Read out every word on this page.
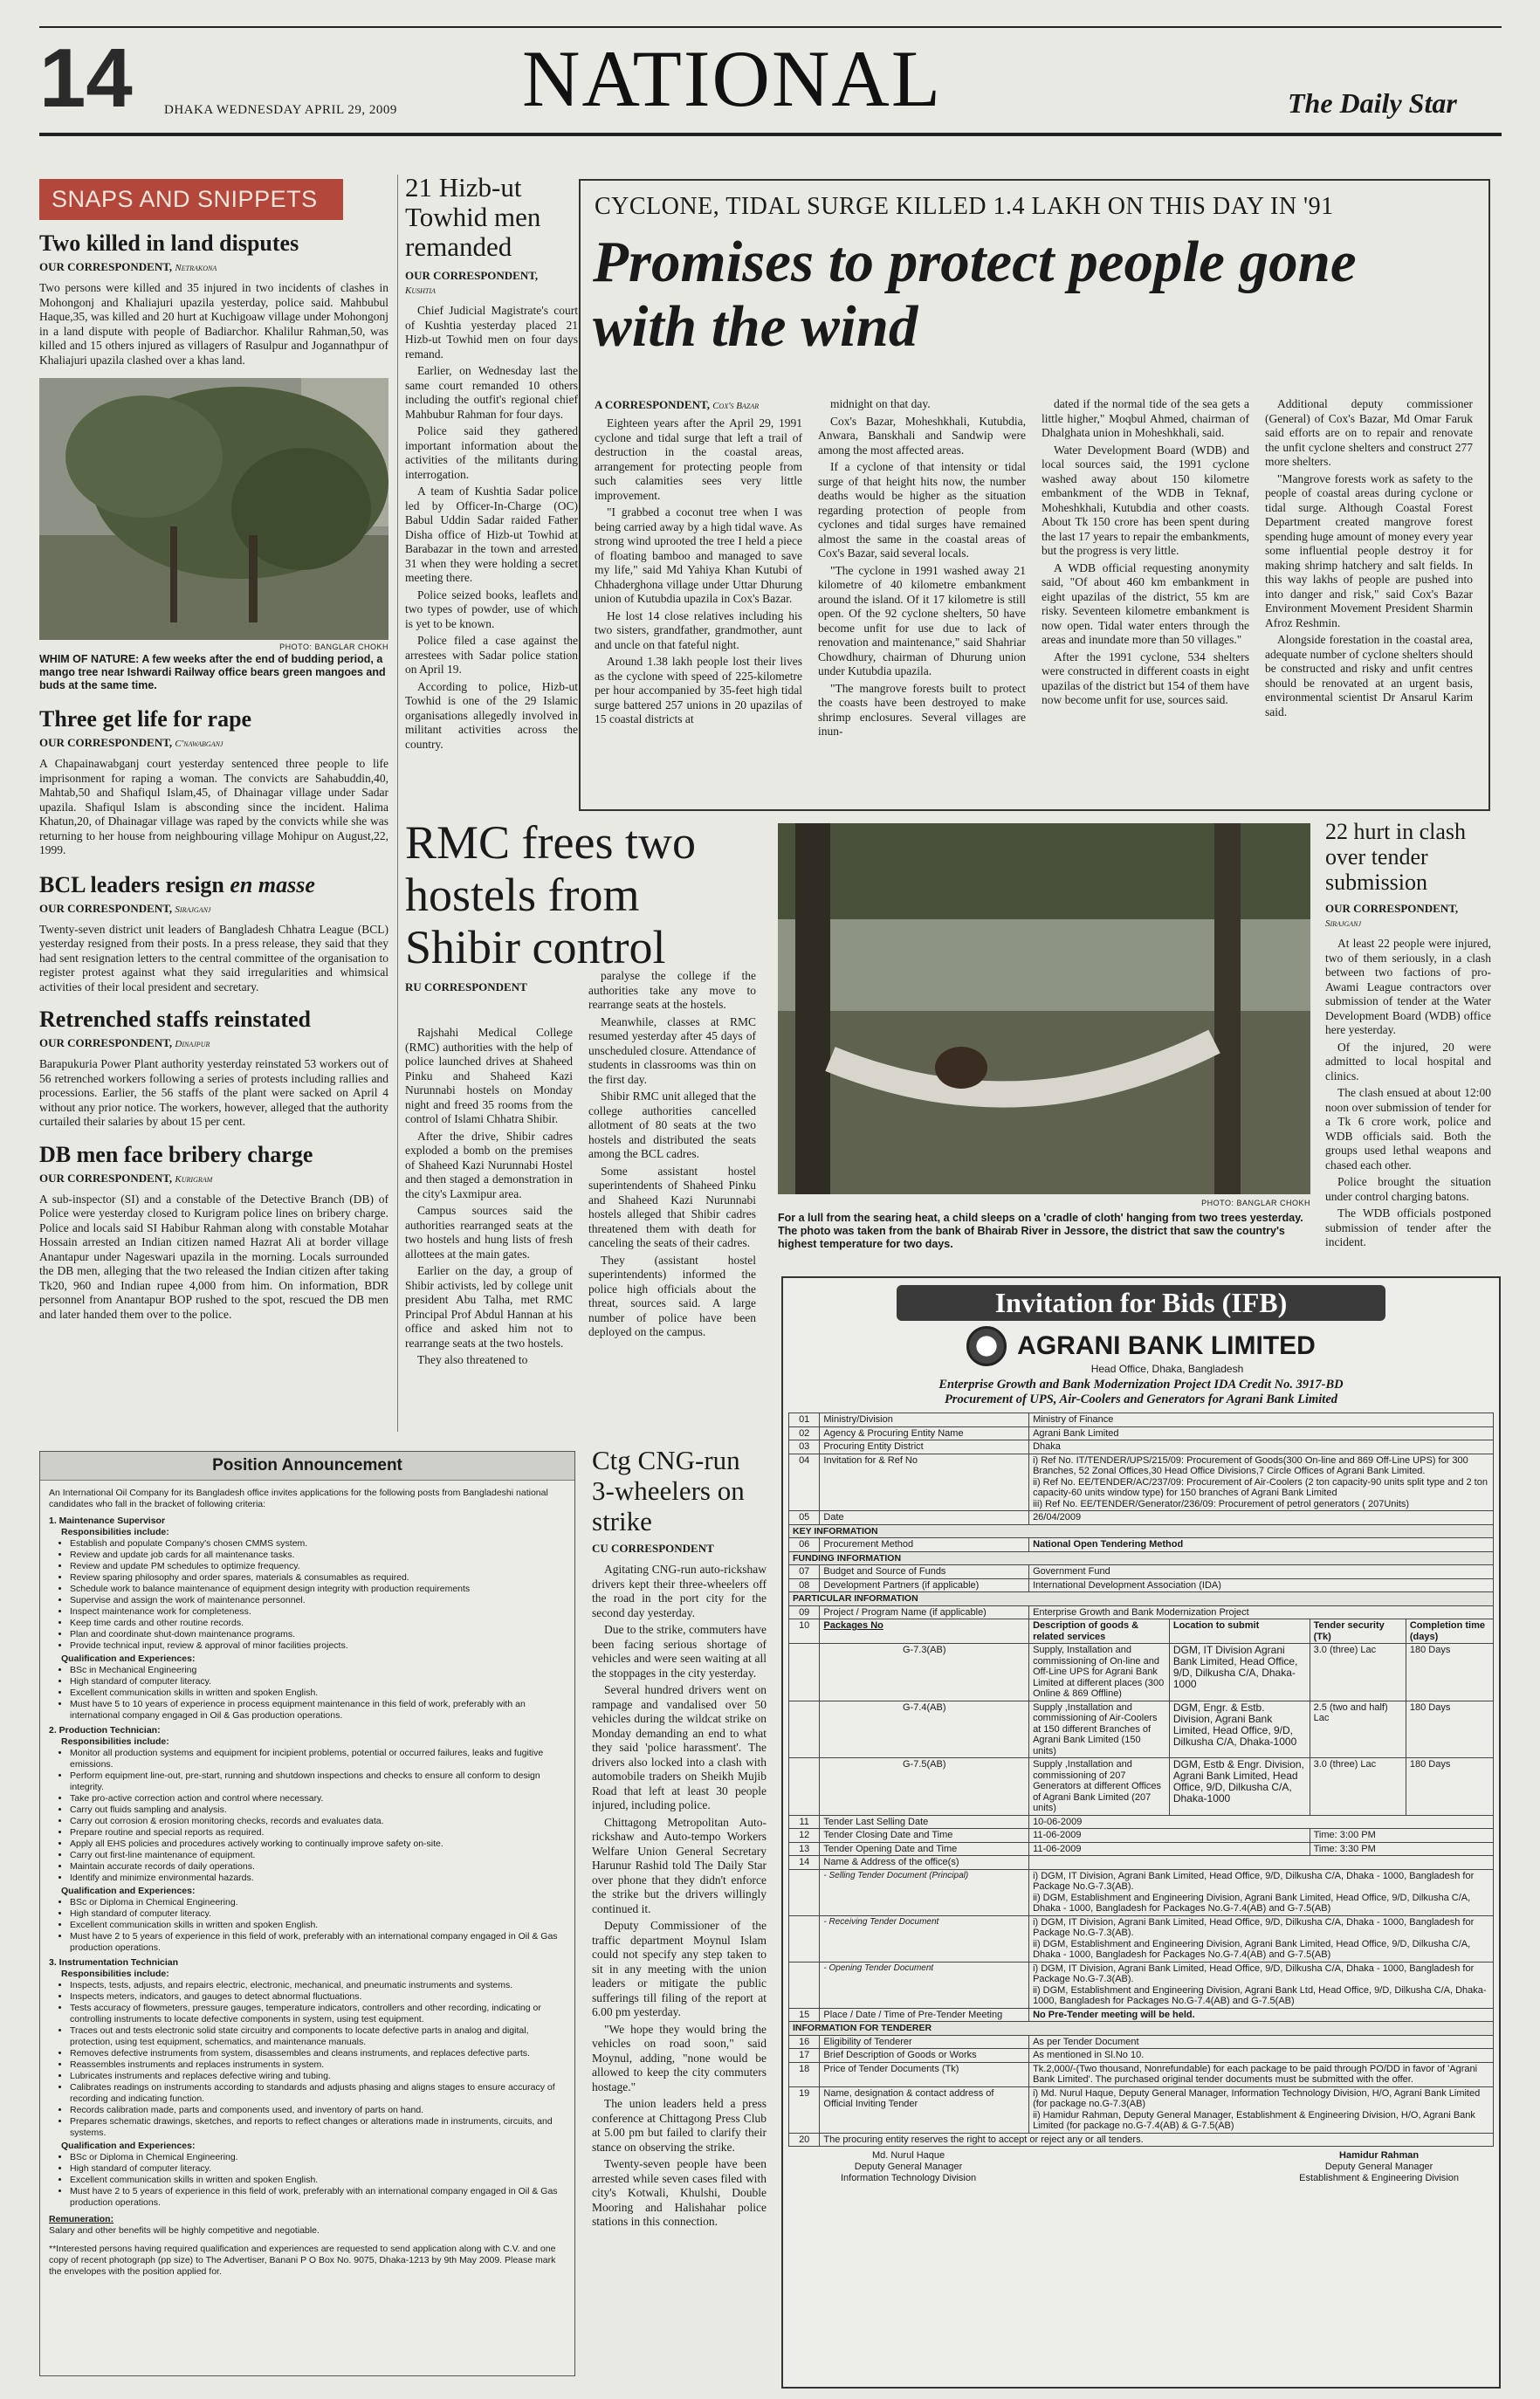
14 DHAKA WEDNESDAY APRIL 29, 2009 NATIONAL	The Daily Star
SNAPS AND SNIPPETS
Two killed in land disputes
OUR CORRESPONDENT, Netrakona
Two persons were killed and 35 injured in two incidents of clashes in Mohongonj and Khaliajuri upazila yesterday, police said. Mahbubul Haque,35, was killed and 20 hurt at Kuchigoaw village under Mohongonj in a land dispute with people of Badiarchor. Khalilur Rahman,50, was killed and 15 others injured as villagers of Rasulpur and Jogannathpur of Khaliajuri upazila clashed over a khas land.
PHOTO: BANGLAR CHOKH
WHIM OF NATURE: A few weeks after the end of budding period, a mango tree near Ishwardi Railway office bears green mangoes and buds at the same time.
Three get life for rape
OUR CORRESPONDENT, C'nawabganj
A Chapainawabganj court yesterday sentenced three people to life imprisonment for raping a woman. The convicts are Sahabuddin,40, Mahtab,50 and Shafiqul Islam,45, of Dhainagar village under Sadar upazila. Shafiqul Islam is absconding since the incident. Halima Khatun,20, of Dhainagar village was raped by the convicts while she was returning to her house from neighbouring village Mohipur on August,22, 1999.
BCL leaders resign en masse
OUR CORRESPONDENT, Sirajganj
Twenty-seven district unit leaders of Bangladesh Chhatra League (BCL) yesterday resigned from their posts. In a press release, they said that they had sent resignation letters to the central committee of the organisation to register protest against what they said irregularities and whimsical activities of their local president and secretary.
Retrenched staffs reinstated
OUR CORRESPONDENT, Dinajpur
Barapukuria Power Plant authority yesterday reinstated 53 workers out of 56 retrenched workers following a series of protests including rallies and processions. Earlier, the 56 staffs of the plant were sacked on April 4 without any prior notice. The workers, however, alleged that the authority curtailed their salaries by about 15 per cent.
DB men face bribery charge
OUR CORRESPONDENT, Kurigram
A sub-inspector (SI) and a constable of the Detective Branch (DB) of Police were yesterday closed to Kurigram police lines on bribery charge. Police and locals said SI Habibur Rahman along with constable Motahar Hossain arrested an Indian citizen named Hazrat Ali at border village Anantapur under Nageswari upazila in the morning. Locals surrounded the DB men, alleging that the two released the Indian citizen after taking Tk20, 960 and Indian rupee 4,000 from him. On information, BDR personnel from Anantapur BOP rushed to the spot, rescued the DB men and later handed them over to the police.
21 Hizb-ut Towhid men remanded
OUR CORRESPONDENT,
Kushtia

Chief Judicial Magistrate's court of Kushtia yesterday placed 21 Hizb-ut Towhid men on four days remand.

Earlier, on Wednesday last the same court remanded 10 others including the outfit's regional chief Mahbubur Rahman for four days.

Police said they gathered important information about the activities of the militants during interrogation.

A team of Kushtia Sadar police led by Officer-In-Charge (OC) Babul Uddin Sadar raided Father Disha office of Hizb-ut Towhid at Barabazar in the town and arrested 31 when they were holding a secret meeting there.

Police seized books, leaflets and two types of powder, use of which is yet to be known.

Police filed a case against the arrestees with Sadar police station on April 19.

According to police, Hizb-ut Towhid is one of the 29 Islamic organisations allegedly involved in militant activities across the country.

CYCLONE, TIDAL SURGE KILLED 1.4 LAKH ON THIS DAY IN '91
Promises to protect people gone with the wind
A CORRESPONDENT, Cox's Bazar

Eighteen years after the April 29, 1991 cyclone and tidal surge that left a trail of destruction in the coastal areas, arrangement for protecting people from such calamities sees very little improvement.

"I grabbed a coconut tree when I was being carried away by a high tidal wave. As strong wind uprooted the tree I held a piece of floating bamboo and managed to save my life," said Md Yahiya Khan Kutubi of Chhaderghona village under Uttar Dhurung union of Kutubdia upazila in Cox's Bazar.

He lost 14 close relatives including his two sisters, grandfather, grandmother, aunt and uncle on that fateful night.

Around 1.38 lakh people lost their lives as the cyclone with speed of 225-kilometre per hour accompanied by 35-feet high tidal surge battered 257 unions in 20 upazilas of 15 coastal districts at

midnight on that day.

Cox's Bazar, Moheshkhali, Kutubdia, Anwara, Banskhali and Sandwip were among the most affected areas.

If a cyclone of that intensity or tidal surge of that height hits now, the number deaths would be higher as the situation regarding protection of people from cyclones and tidal surges have remained almost the same in the coastal areas of Cox's Bazar, said several locals.

"The cyclone in 1991 washed away 21 kilometre of 40 kilometre embankment around the island. Of it 17 kilometre is still open. Of the 92 cyclone shelters, 50 have become unfit for use due to lack of renovation and maintenance," said Shahriar Chowdhury, chairman of Dhurung union under Kutubdia upazila.

"The mangrove forests built to protect the coasts have been destroyed to make shrimp enclosures. Several villages are inun-

dated if the normal tide of the sea gets a little higher," Moqbul Ahmed, chairman of Dhalghata union in Moheshkhali, said.

Water Development Board (WDB) and local sources said, the 1991 cyclone washed away about 150 kilometre embankment of the WDB in Teknaf, Moheshkhali, Kutubdia and other coasts. About Tk 150 crore has been spent during the last 17 years to repair the embankments, but the progress is very little.

A WDB official requesting anonymity said, "Of about 460 km embankment in eight upazilas of the district, 55 km are risky. Seventeen kilometre embankment is now open. Tidal water enters through the areas and inundate more than 50 villages."

After the 1991 cyclone, 534 shelters were constructed in different coasts in eight upazilas of the district but 154 of them have now become unfit for use, sources said.

Additional deputy commissioner (General) of Cox's Bazar, Md Omar Faruk said efforts are on to repair and renovate the unfit cyclone shelters and construct 277 more shelters.

"Mangrove forests work as safety to the people of coastal areas during cyclone or tidal surge. Although Coastal Forest Department created mangrove forest spending huge amount of money every year some influential people destroy it for making shrimp hatchery and salt fields. In this way lakhs of people are pushed into into danger and risk," said Cox's Bazar Environment Movement President Sharmin Afroz Reshmin.

Alongside forestation in the coastal area, adequate number of cyclone shelters should be constructed and risky and unfit centres should be renovated at an urgent basis, environmental scientist Dr Ansarul Karim said.

RMC frees two hostels from Shibir control
RU CORRESPONDENT

Rajshahi Medical College (RMC) authorities with the help of police launched drives at Shaheed Pinku and Shaheed Kazi Nurunnabi hostels on Monday night and freed 35 rooms from the control of Islami Chhatra Shibir.

After the drive, Shibir cadres exploded a bomb on the premises of Shaheed Kazi Nurunnabi Hostel and then staged a demonstration in the city's Laxmipur area.

Campus sources said the authorities rearranged seats at the two hostels and hung lists of fresh allottees at the main gates.

Earlier on the day, a group of Shibir activists, led by college unit president Abu Talha, met RMC Principal Prof Abdul Hannan at his office and asked him not to rearrange seats at the two hostels.

They also threatened to

paralyse the college if the authorities take any move to rearrange seats at the hostels.

Meanwhile, classes at RMC resumed yesterday after 45 days of unscheduled closure. Attendance of students in classrooms was thin on the first day.

Shibir RMC unit alleged that the college authorities cancelled allotment of 80 seats at the two hostels and distributed the seats among the BCL cadres.

Some assistant hostel superintendents of Shaheed Pinku and Shaheed Kazi Nurunnabi hostels alleged that Shibir cadres threatened them with death for canceling the seats of their cadres.

They (assistant hostel superintendents) informed the police high officials about the threat, sources said. A large number of police have been deployed on the campus.

PHOTO: BANGLAR CHOKH
For a lull from the searing heat, a child sleeps on a 'cradle of cloth' hanging from two trees yesterday. The photo was taken from the bank of Bhairab River in Jessore, the district that saw the country's highest temperature for two days.
22 hurt in clash over tender submission
OUR CORRESPONDENT, Sirajganj

At least 22 people were injured, two of them seriously, in a clash between two factions of pro-Awami League contractors over submission of tender at the Water Development Board (WDB) office here yesterday.

Of the injured, 20 were admitted to local hospital and clinics.

The clash ensued at about 12:00 noon over submission of tender for a Tk 6 crore work, police and WDB officials said. Both the groups used lethal weapons and chased each other.

Police brought the situation under control charging batons.

The WDB officials postponed submission of tender after the incident.

Position Announcement
An International Oil Company for its Bangladesh office invites applications for the following posts from Bangladeshi national candidates who fall in the bracket of following criteria:
1. Maintenance Supervisor
Responsibilities include:
• Establish and populate Company's chosen CMMS system.
• Review and update job cards for all maintenance tasks.
• Review and update PM schedules to optimize frequency.
• Review sparing philosophy and order spares, materials & consumables as required.
• Schedule work to balance maintenance of equipment design integrity with production requirements
• Supervise and assign the work of maintenance personnel.
• Inspect maintenance work for completeness.
• Keep time cards and other routine records.
• Plan and coordinate shut-down maintenance programs.
• Provide technical input, review & approval of minor facilities projects.
Qualification and Experiences:
• BSc in Mechanical Engineering
• High standard of computer literacy.
• Excellent communication skills in written and spoken English.
• Must have 5 to 10 years of experience in process equipment maintenance in this field of work, preferably with an international company engaged in Oil & Gas production operations.
2. Production Technician:
Responsibilities include:
• Monitor all production systems and equipment for incipient problems, potential or occurred failures, leaks and fugitive emissions.
• Perform equipment line-out, pre-start, running and shutdown inspections and checks to ensure all conform to design integrity.
• Take pro-active correction action and control where necessary.
• Carry out fluids sampling and analysis.
• Carry out corrosion & erosion monitoring checks, records and evaluates data.
• Prepare routine and special reports as required.
• Apply all EHS policies and procedures actively working to continually improve safety on-site.
• Carry out first-line maintenance of equipment.
• Maintain accurate records of daily operations.
• Identify and minimize environmental hazards.
Qualification and Experiences:
• BSc or Diploma in Chemical Engineering.
• High standard of computer literacy.
• Excellent communication skills in written and spoken English.
• Must have 2 to 5 years of experience in this field of work, preferably with an international company engaged in Oil & Gas production operations.
3. Instrumentation Technician
Responsibilities include:
• Inspects, tests, adjusts, and repairs electric, electronic, mechanical, and pneumatic instruments and systems.
• Inspects meters, indicators, and gauges to detect abnormal fluctuations.
• Tests accuracy of flowmeters, pressure gauges, temperature indicators, controllers and other recording, indicating or controlling instruments to locate defective components in system, using test equipment.
• Traces out and tests electronic solid state circuitry and components to locate defective parts in analog and digital, protection, using test equipment, schematics, and maintenance manuals.
• Removes defective instruments from system, disassembles and cleans instruments, and replaces defective parts.
• Reassembles instruments and replaces instruments in system.
• Lubricates instruments and replaces defective wiring and tubing.
• Calibrates readings on instruments according to standards and adjusts phasing and aligns stages to ensure accuracy of recording and indicating function.
• Records calibration made, parts and components used, and inventory of parts on hand.
• Prepares schematic drawings, sketches, and reports to reflect changes or alterations made in instruments, circuits, and systems.
Qualification and Experiences:
• BSc or Diploma in Chemical Engineering.
• High standard of computer literacy.
• Excellent communication skills in written and spoken English.
• Must have 2 to 5 years of experience in this field of work, preferably with an international company engaged in Oil & Gas production operations.
Remuneration:
Salary and other benefits will be highly competitive and negotiable.
**Interested persons having required qualification and experiences are requested to send application along with C.V. and one copy of recent photograph (pp size) to The Advertiser, Banani P O Box No. 9075, Dhaka-1213 by 9th May 2009. Please mark the envelopes with the position applied for.
Ctg CNG-run 3-wheelers on strike
CU CORRESPONDENT

Agitating CNG-run auto-rickshaw drivers kept their three-wheelers off the road in the port city for the second day yesterday.

Due to the strike, commuters have been facing serious shortage of vehicles and were seen waiting at all the stoppages in the city yesterday.

Several hundred drivers went on rampage and vandalised over 50 vehicles during the wildcat strike on Monday demanding an end to what they said 'police harassment'. The drivers also locked into a clash with automobile traders on Sheikh Mujib Road that left at least 30 people injured, including police.

Chittagong Metropolitan Auto-rickshaw and Auto-tempo Workers Welfare Union General Secretary Harunur Rashid told The Daily Star over phone that they didn't enforce the strike but the drivers willingly continued it.

Deputy Commissioner of the traffic department Moynul Islam could not specify any step taken to sit in any meeting with the union leaders or mitigate the public sufferings till filing of the report at 6.00 pm yesterday.

"We hope they would bring the vehicles on road soon," said Moynul, adding, "none would be allowed to keep the city commuters hostage."

The union leaders held a press conference at Chittagong Press Club at 5.00 pm but failed to clarify their stance on observing the strike.

Twenty-seven people have been arrested while seven cases filed with city's Kotwali, Khulshi, Double Mooring and Halishahar police stations in this connection.

Invitation for Bids (IFB)
AGRANI BANK LIMITED
Head Office, Dhaka, Bangladesh
Enterprise Growth and Bank Modernization Project IDA Credit No. 3917-BD
Procurement of UPS, Air-Coolers and Generators for Agrani Bank Limited
01	Ministry/Division	Ministry of Finance			
02	Agency & Procuring Entity Name	Agrani Bank Limited			
03	Procuring Entity District	Dhaka			
04	Invitation for & Ref No	i) Ref No. IT/TENDER/UPS/215/09: Procurement of Goods(300 On-line and 869 Off-Line UPS) for 300 Branches, 52 Zonal Offices,30 Head Office Divisions,7 Circle Offices of Agrani Bank Limited.
ii) Ref No. EE/TENDER/AC/237/09: Procurement of Air-Coolers (2 ton capacity-90 units split type and 2 ton capacity-60 units window type) for 150 branches of Agrani Bank Limited
iii) Ref No. EE/TENDER/Generator/236/09: Procurement of petrol generators ( 207Units)			

05	Date	26/04/2009			
KEY INFORMATION					
06	Procurement Method	National Open Tendering Method			
FUNDING INFORMATION					
07	Budget and Source of Funds	Government Fund			
08	Development Partners (if applicable)	International Development Association (IDA)			
PARTICULAR INFORMATION					
09	Project / Program Name (if applicable)	Enterprise Growth and Bank Modernization Project			
10	Packages No	Description of goods & related services	Location to submit	Tender security (Tk)	Completion time (days)
	G-7.3(AB)	Supply, Installation and commissioning of On-line and Off-Line UPS for Agrani Bank Limited at different places (300 Online & 869 Offline)	DGM, IT Division Agrani Bank Limited, Head Office, 9/D, Dilkusha C/A, Dhaka-1000	3.0 (three) Lac	180 Days
	G-7.4(AB)	Supply ,Installation and commissioning of Air-Coolers at 150 different Branches of Agrani Bank Limited (150 units)	DGM, Engr. & Estb. Division, Agrani Bank Limited, Head Office, 9/D, Dilkusha C/A, Dhaka-1000	2.5 (two and half) Lac	180 Days
	G-7.5(AB)	Supply ,Installation and commissioning of 207 Generators at different Offices of Agrani Bank Limited (207 units)	DGM, Estb & Engr. Division, Agrani Bank Limited, Head Office, 9/D, Dilkusha C/A, Dhaka-1000	3.0 (three) Lac	180 Days
11	Tender Last Selling Date	10-06-2009			
12	Tender Closing Date and Time	11-06-2009		Time: 3:00 PM	
13	Tender Opening Date and Time	11-06-2009		Time: 3:30 PM	
14	Name & Address of the office(s)				
	- Selling Tender Document (Principal)	i) DGM, IT Division, Agrani Bank Limited, Head Office, 9/D, Dilkusha C/A, Dhaka - 1000, Bangladesh for Package No.G-7.3(AB).
ii) DGM, Establishment and Engineering Division, Agrani Bank Limited, Head Office, 9/D, Dilkusha C/A, Dhaka - 1000, Bangladesh for Packages No.G-7.4(AB) and G-7.5(AB)			

	- Receiving Tender Document	i) DGM, IT Division, Agrani Bank Limited, Head Office, 9/D, Dilkusha C/A, Dhaka - 1000, Bangladesh for Package No.G-7.3(AB).
ii) DGM, Establishment and Engineering Division, Agrani Bank Limited, Head Office, 9/D, Dilkusha C/A, Dhaka - 1000, Bangladesh for Packages No.G-7.4(AB) and G-7.5(AB)			

	- Opening Tender Document	i) DGM, IT Division, Agrani Bank Limited, Head Office, 9/D, Dilkusha C/A, Dhaka - 1000, Bangladesh for Package No.G-7.3(AB).
ii) DGM, Establishment and Engineering Division, Agrani Bank Ltd, Head Office, 9/D, Dilkusha C/A, Dhaka-1000, Bangladesh for Packages No.G-7.4(AB) and G-7.5(AB)			

15	Place / Date / Time of Pre-Tender Meeting	No Pre-Tender meeting will be held.			
INFORMATION FOR TENDERER					
16	Eligibility of Tenderer	As per Tender Document			
17	Brief Description of Goods or Works	As mentioned in Sl.No 10.			
18	Price of Tender Documents (Tk)	Tk.2,000/-(Two thousand, Nonrefundable) for each package to be paid through PO/DD in favor of 'Agrani Bank Limited'. The purchased original tender documents must be submitted with the offer.			
19	Name, designation & contact address of Official Inviting Tender	i) Md. Nurul Haque, Deputy General Manager, Information Technology Division, H/O, Agrani Bank Limited (for package no.G-7.3(AB)
ii) Hamidur Rahman, Deputy General Manager, Establishment & Engineering Division, H/O, Agrani Bank Limited (for package no.G-7.4(AB) & G-7.5(AB)			

20	The procuring entity reserves the right to accept or reject any or all tenders.				
Md. Nurul Haque
Deputy General Manager
Information Technology Division
Hamidur Rahman
Deputy General Manager
Establishment & Engineering Division
